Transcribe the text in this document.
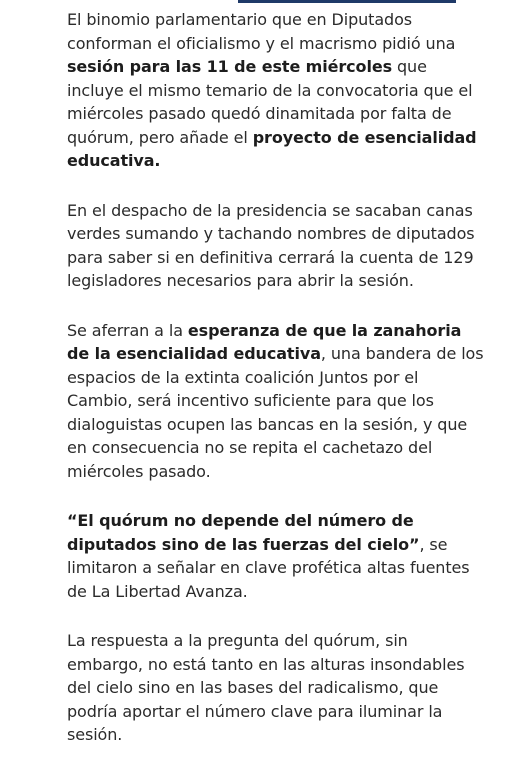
El binomio parlamentario que en Diputados conforman el oficialismo y el macrismo pidió una sesión para las 11 de este miércoles que incluye el mismo temario de la convocatoria que el miércoles pasado quedó dinamitada por falta de quórum, pero añade el proyecto de esencialidad educativa.

En el despacho de la presidencia se sacaban canas verdes sumando y tachando nombres de diputados para saber si en definitiva cerrará la cuenta de 129 legisladores necesarios para abrir la sesión.

Se aferran a la esperanza de que la zanahoria de la esencialidad educativa, una bandera de los espacios de la extinta coalición Juntos por el Cambio, será incentivo suficiente para que los dialoguistas ocupen las bancas en la sesión, y que en consecuencia no se repita el cachetazo del miércoles pasado.

“El quórum no depende del número de diputados sino de las fuerzas del cielo”, se limitaron a señalar en clave profética altas fuentes de La Libertad Avanza.

La respuesta a la pregunta del quórum, sin embargo, no está tanto en las alturas insondables del cielo sino en las bases del radicalismo, que podría aportar el número clave para iluminar la sesión.
